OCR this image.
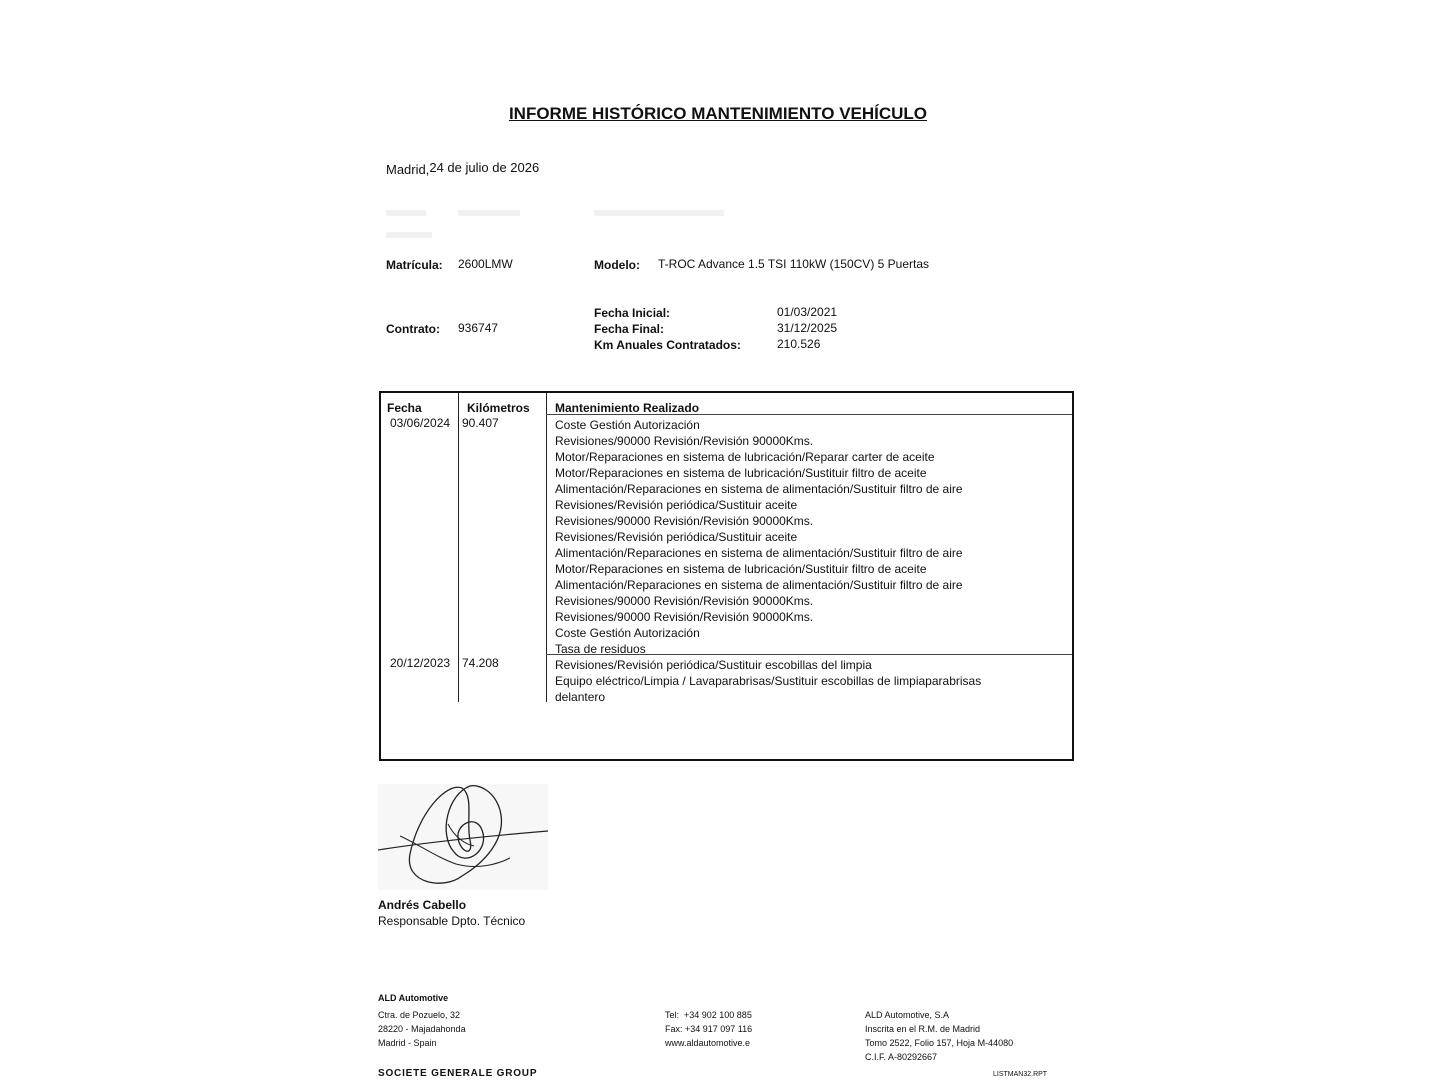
INFORME HISTÓRICO MANTENIMIENTO VEHÍCULO
Madrid,24 de julio de 2026
Matrícula: 2600LMW	Modelo: T-ROC Advance 1.5 TSI 110kW (150CV) 5 Puertas
Fecha Inicial:	01/03/2021
Contrato: 936747	Fecha Final:	31/12/2025
Km Anuales Contratados:	210.526
Fecha	Kilómetros Mantenimiento Realizado
03/06/2024 90.407	Coste Gestión Autorización
Revisiones/90000 Revisión/Revisión 90000Kms.
Motor/Reparaciones en sistema de lubricación/Reparar carter de aceite
Motor/Reparaciones en sistema de lubricación/Sustituir filtro de aceite
Alimentación/Reparaciones en sistema de alimentación/Sustituir filtro de aire
Revisiones/Revisión periódica/Sustituir aceite
Revisiones/90000 Revisión/Revisión 90000Kms.
Revisiones/Revisión periódica/Sustituir aceite
Alimentación/Reparaciones en sistema de alimentación/Sustituir filtro de aire
Motor/Reparaciones en sistema de lubricación/Sustituir filtro de aceite
Alimentación/Reparaciones en sistema de alimentación/Sustituir filtro de aire
Revisiones/90000 Revisión/Revisión 90000Kms.
Revisiones/90000 Revisión/Revisión 90000Kms.
Coste Gestión Autorización
Tasa de residuos
20/12/2023 74.208	Revisiones/Revisión periódica/Sustituir escobillas del limpia
Equipo eléctrico/Limpia / Lavaparabrisas/Sustituir escobillas de limpiaparabrisas
delantero
Andrés Cabello
Responsable Dpto. Técnico
ALD Automotive
Ctra. de Pozuelo, 32
28220 - Majadahonda
Madrid - Spain
Tel:  +34 902 100 885
Fax: +34 917 097 116
www.aldautomotive.e
ALD Automotive, S.A
Inscrita en el R.M. de Madrid
Tomo 2522, Folio 157, Hoja M-44080
C.I.F. A-80292667
SOCIETE GENERALE GROUP	LISTMAN32.RPT
